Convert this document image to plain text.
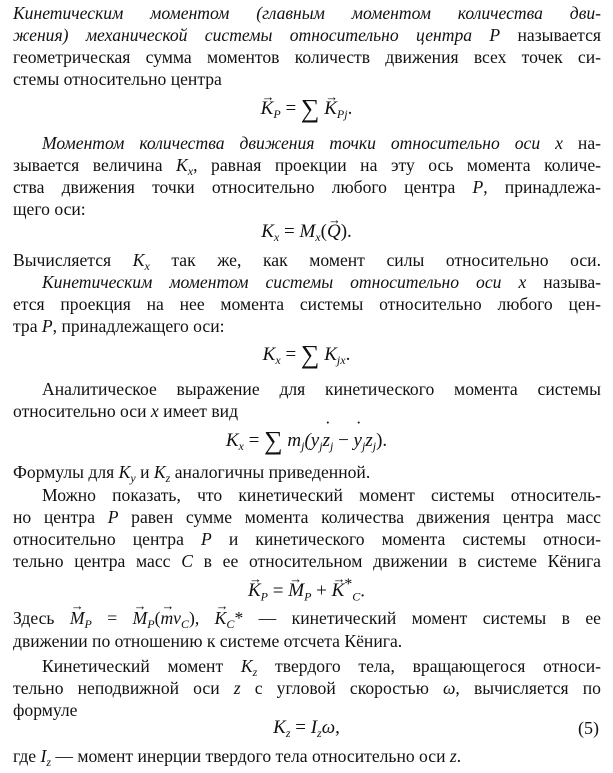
Кинетическим моментом (главным моментом количества дви-
жения) механической системы относительно центра P называется
геометрическая сумма моментов количеств движения всех точек си-
стемы относительно центра
→ $K_P$ = ∑ → $K_{Pj}$.
Моментом количества движения точки относительно оси x на-
зывается величина $K_x$, равная проекции на эту ось момента количе-
ства движения точки относительно любого центра P, принадлежа-
щего оси:
$K_x = M_x(\to Q)$.
Вычисляется $K_x$ так же, как момент силы относительно оси.
Кинетическим моментом системы относительно оси x называ-
ется проекция на нее момента системы относительно любого цен-
тра P, принадлежащего оси:
$K_x$ = ∑ $K_{jx}$.
Аналитическое выражение для кинетического момента системы
относительно оси x имеет вид
$K_x$ = ∑ $m_j(y_j˙$ $z_j$ − ˙ $y_jz_j$).
Формулы для $K_y$ и $K_z$ аналогичны приведенной.
Можно показать, что кинетический момент системы относитель-
но центра P равен сумме момента количества движения центра масс
относительно центра P и кинетического момента системы относи-
тельно центра масс C в ее относительном движении в системе Кёнига
→ $K_P$ = → $M_P$ + → $K^*_C$.
Здесь → $M_P$ = → $M_P(\to mv_C)$, → $K_C*$ — кинетический момент системы в ее
движении по отношению к системе отсчета Кёнига.
Кинетический момент $K_z$ твердого тела, вращающегося относи-
тельно неподвижной оси z с угловой скоростью ω, вычисляется по
формуле
$K_z = I_z\omega$,	(5)
где $I_z$ — момент инерции твердого тела относительно оси z.
